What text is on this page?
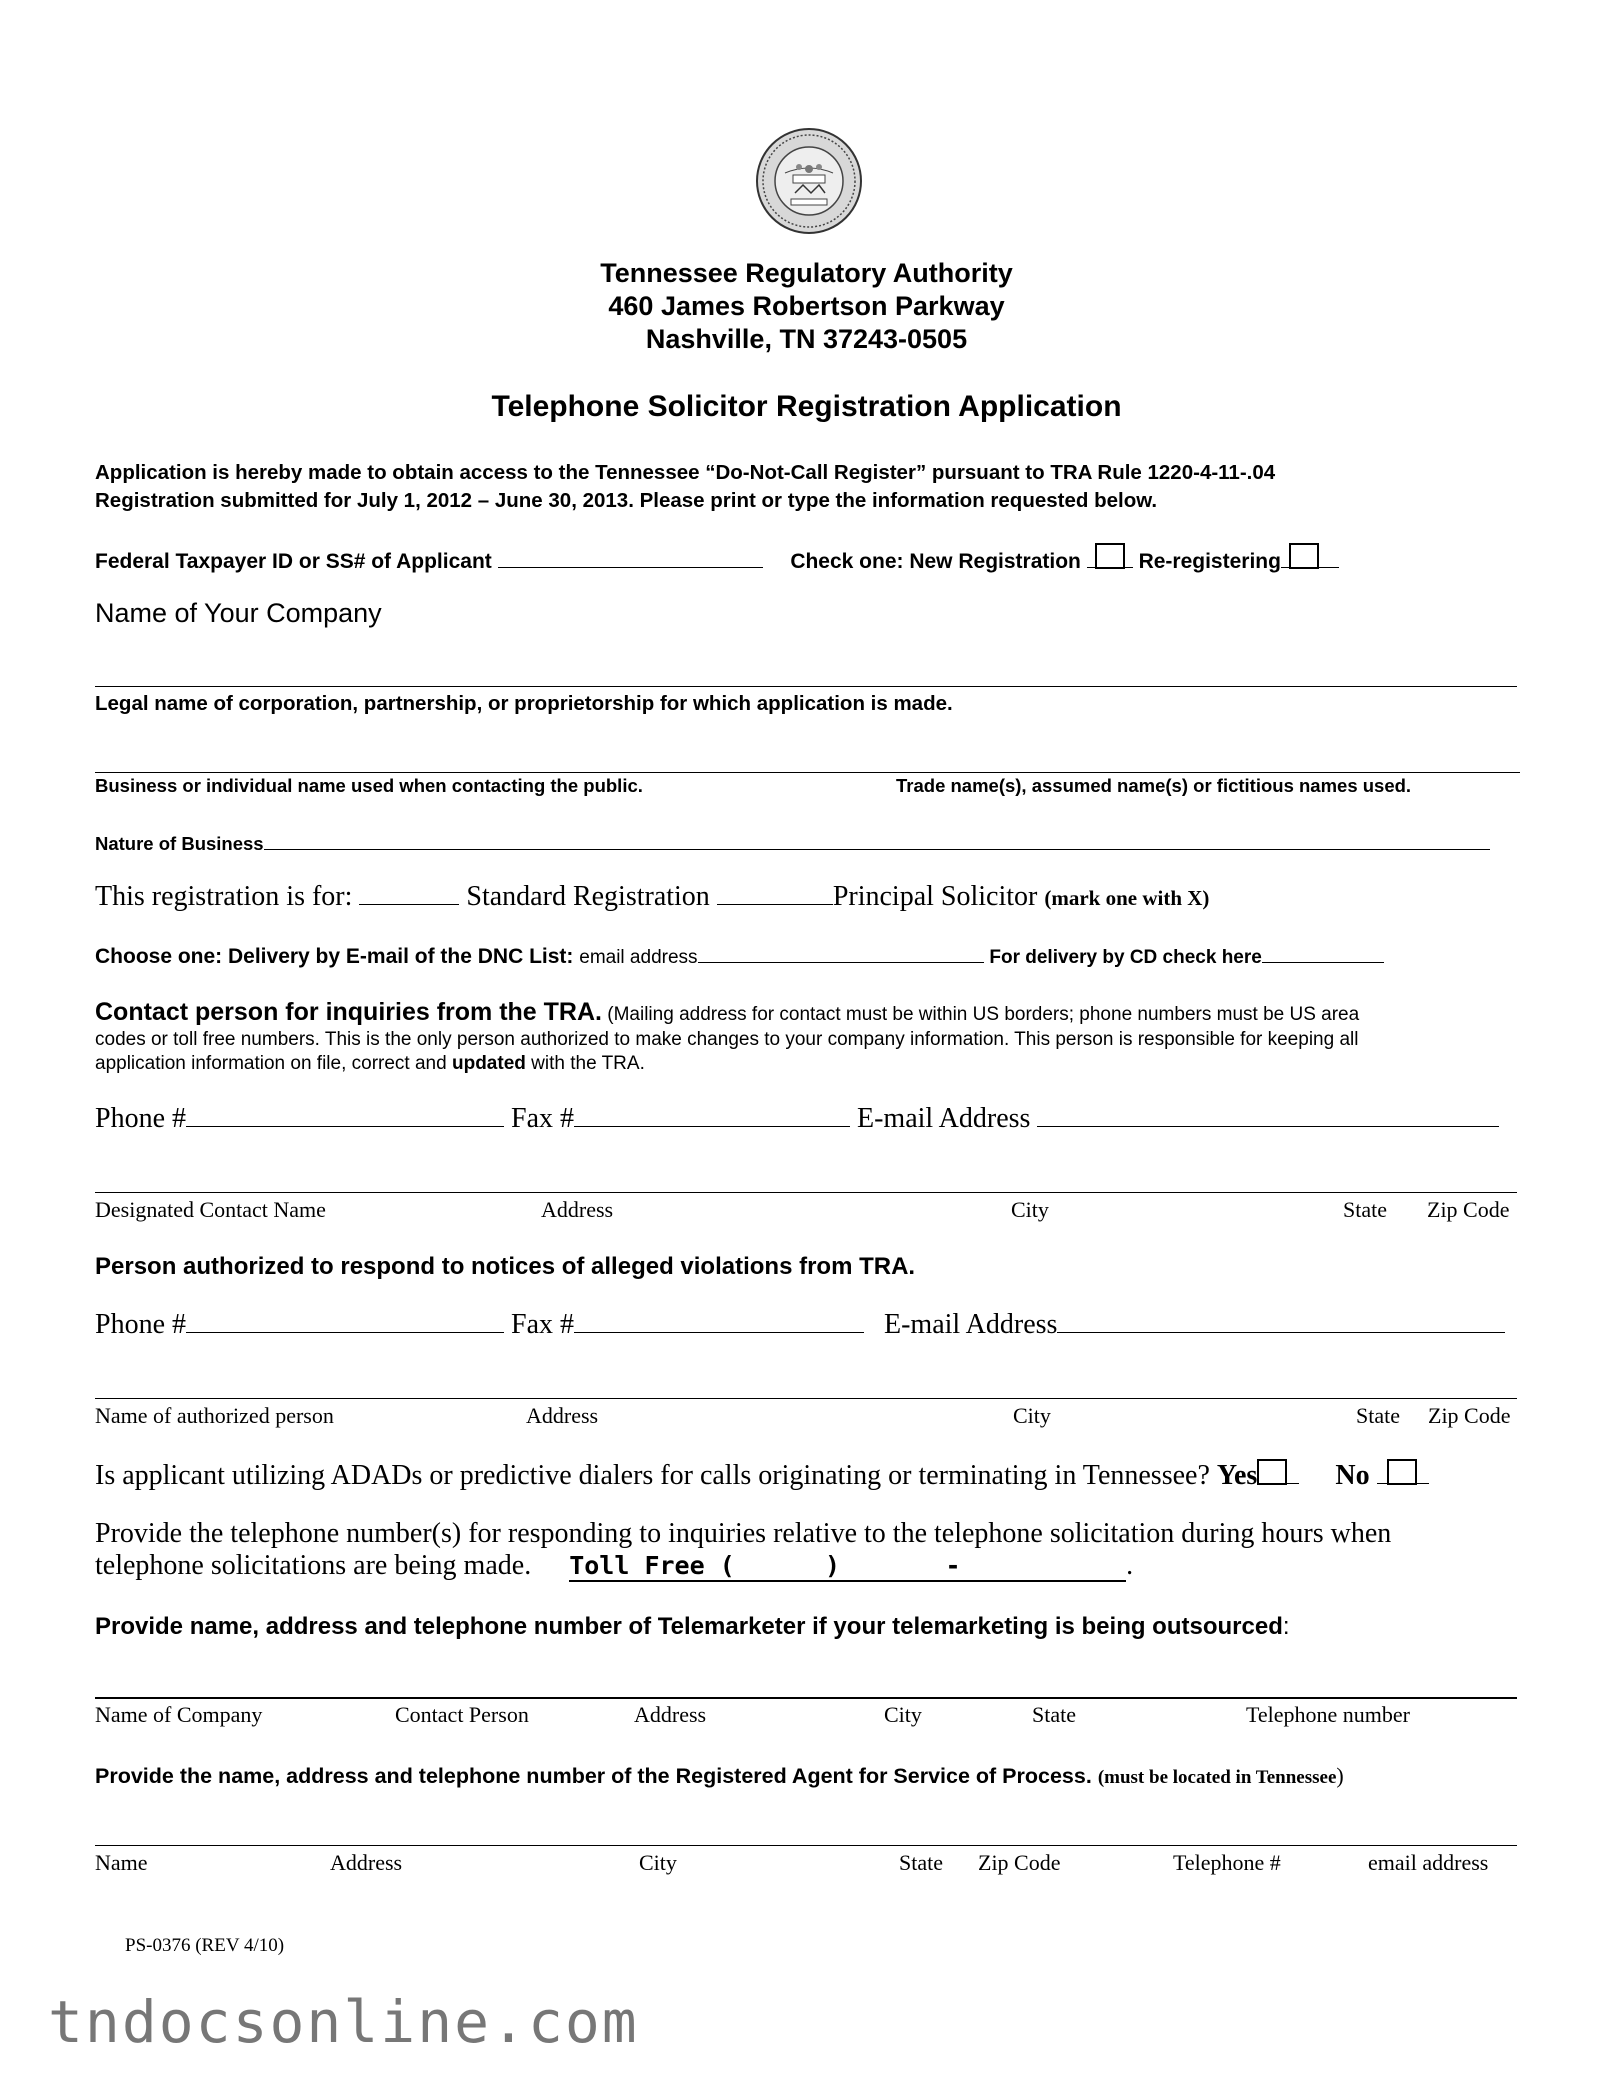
Tennessee Regulatory Authority
460 James Robertson Parkway
Nashville, TN 37243-0505
Telephone Solicitor Registration Application
Application is hereby made to obtain access to the Tennessee “Do-Not-Call Register” pursuant to TRA Rule 1220-4-11-.04
Registration submitted for July 1, 2012 – June 30, 2013. Please print or type the information requested below.
Federal Taxpayer ID or SS# of Applicant	Check one: New Registration	Re-registering
Name of Your Company
Legal name of corporation, partnership, or proprietorship for which application is made.
Business or individual name used when contacting the public.	Trade name(s), assumed name(s) or fictitious names used.
Nature of Business
This registration is for:	Standard Registration	Principal Solicitor (mark one with X)
Choose one: Delivery by E-mail of the DNC List: email address	For delivery by CD check here
Contact person for inquiries from the TRA. (Mailing address for contact must be within US borders; phone numbers must be US area
codes or toll free numbers. This is the only person authorized to make changes to your company information. This person is responsible for keeping all
application information on file, correct and updated with the TRA.
Phone #	Fax #	E-mail Address
Designated Contact Name	Address	City	State Zip Code
Person authorized to respond to notices of alleged violations from TRA.
Phone #	Fax #	E-mail Address
Name of authorized person	Address	City	State Zip Code
Is applicant utilizing ADADs or predictive dialers for calls originating or terminating in Tennessee? Yes	No
Provide the telephone number(s) for responding to inquiries relative to the telephone solicitation during hours when
telephone solicitations are being made. Toll Free (      )       -           .
Provide name, address and telephone number of Telemarketer if your telemarketing is being outsourced:
Name of Company	Contact Person	Address	City	State	Telephone number
Provide the name, address and telephone number of the Registered Agent for Service of Process. (must be located in Tennessee)
Name	Address	City	State Zip Code	Telephone #	email address
PS-0376 (REV 4/10)
tndocsonline.com
